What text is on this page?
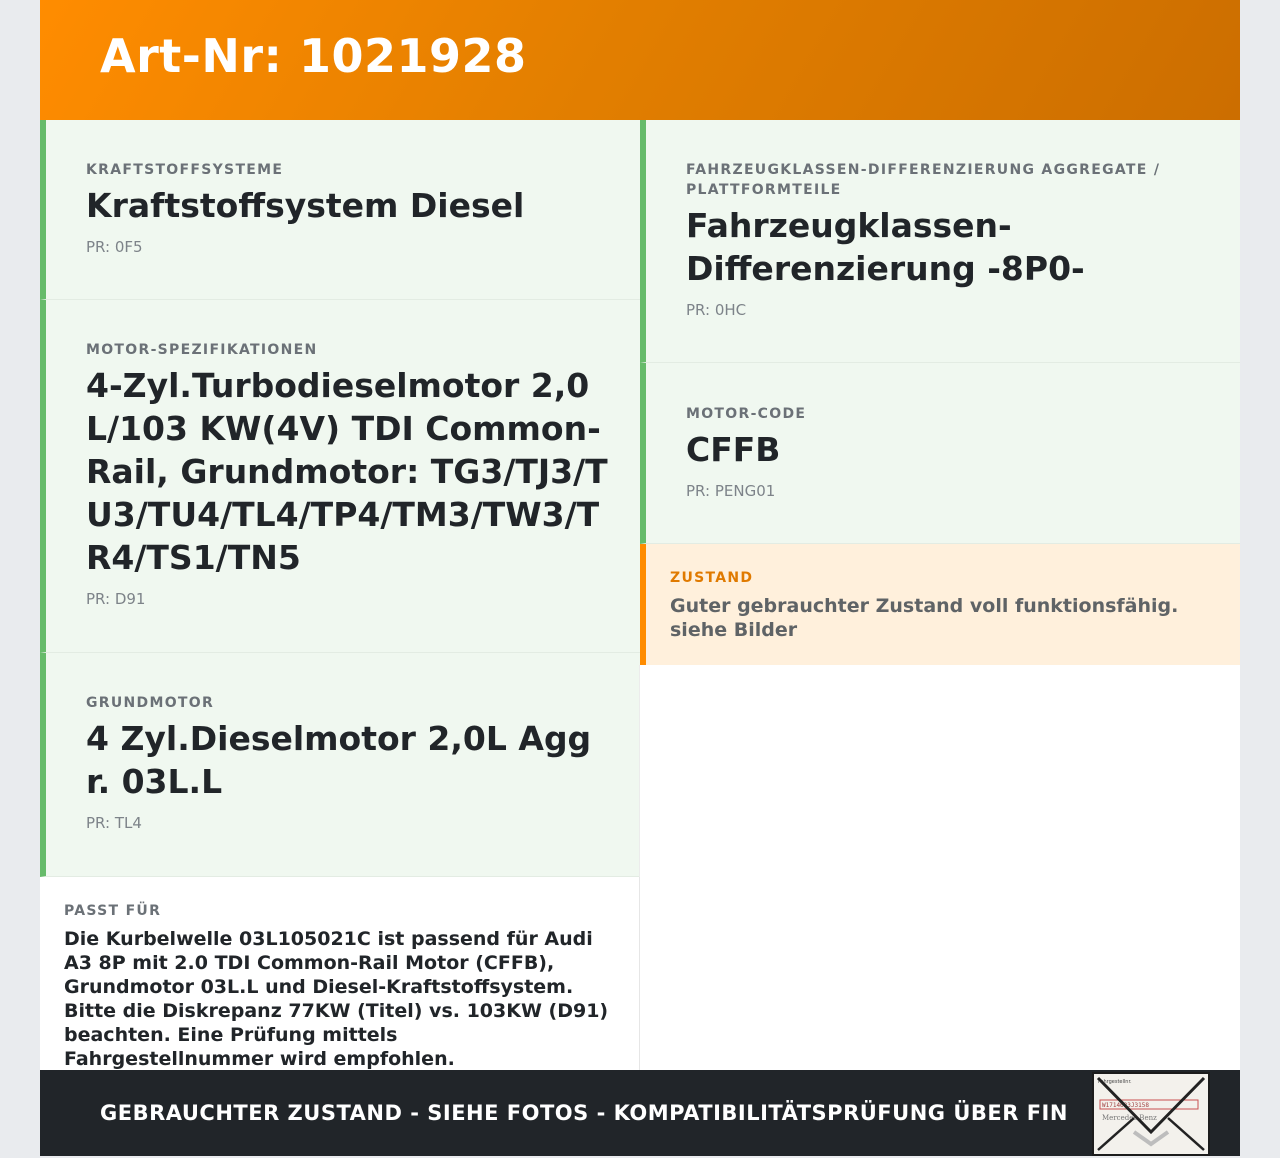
Art-Nr: 1021928
KRAFTSTOFFSYSTEME
Kraftstoffsystem Diesel
PR: 0F5
MOTOR-SPEZIFIKATIONEN
4-Zyl.Turbodieselmotor 2,0 L/103 KW(4V) TDI Common-Rail, Grundmotor: TG3/TJ3/TU3/TU4/TL4/TP4/TM3/TW3/TR4/TS1/TN5
PR: D91
GRUNDMOTOR
4 Zyl.Dieselmotor 2,0L Aggr. 03L.L
PR: TL4
FAHRZEUGKLASSEN-DIFFERENZIERUNG AGGREGATE / PLATTFORMTEILE
Fahrzeugklassen-Differenzierung -8P0-
PR: 0HC
MOTOR-CODE
CFFB
PR: PENG01
ZUSTAND
Guter gebrauchter Zustand voll funktionsfähig. siehe Bilder
PASST FÜR
Die Kurbelwelle 03L105021C ist passend für Audi A3 8P mit 2.0 TDI Common-Rail Motor (CFFB), Grundmotor 03L.L und Diesel-Kraftstoffsystem. Bitte die Diskrepanz 77KW (Titel) vs. 103KW (D91) beachten. Eine Prüfung mittels Fahrgestellnummer wird empfohlen.
GEBRAUCHTER ZUSTAND - SIEHE FOTOS - KOMPATIBILITÄTSPRÜFUNG ÜBER FIN
Fahrgestellnr.
W1714623J3158
Mercedes-Benz
